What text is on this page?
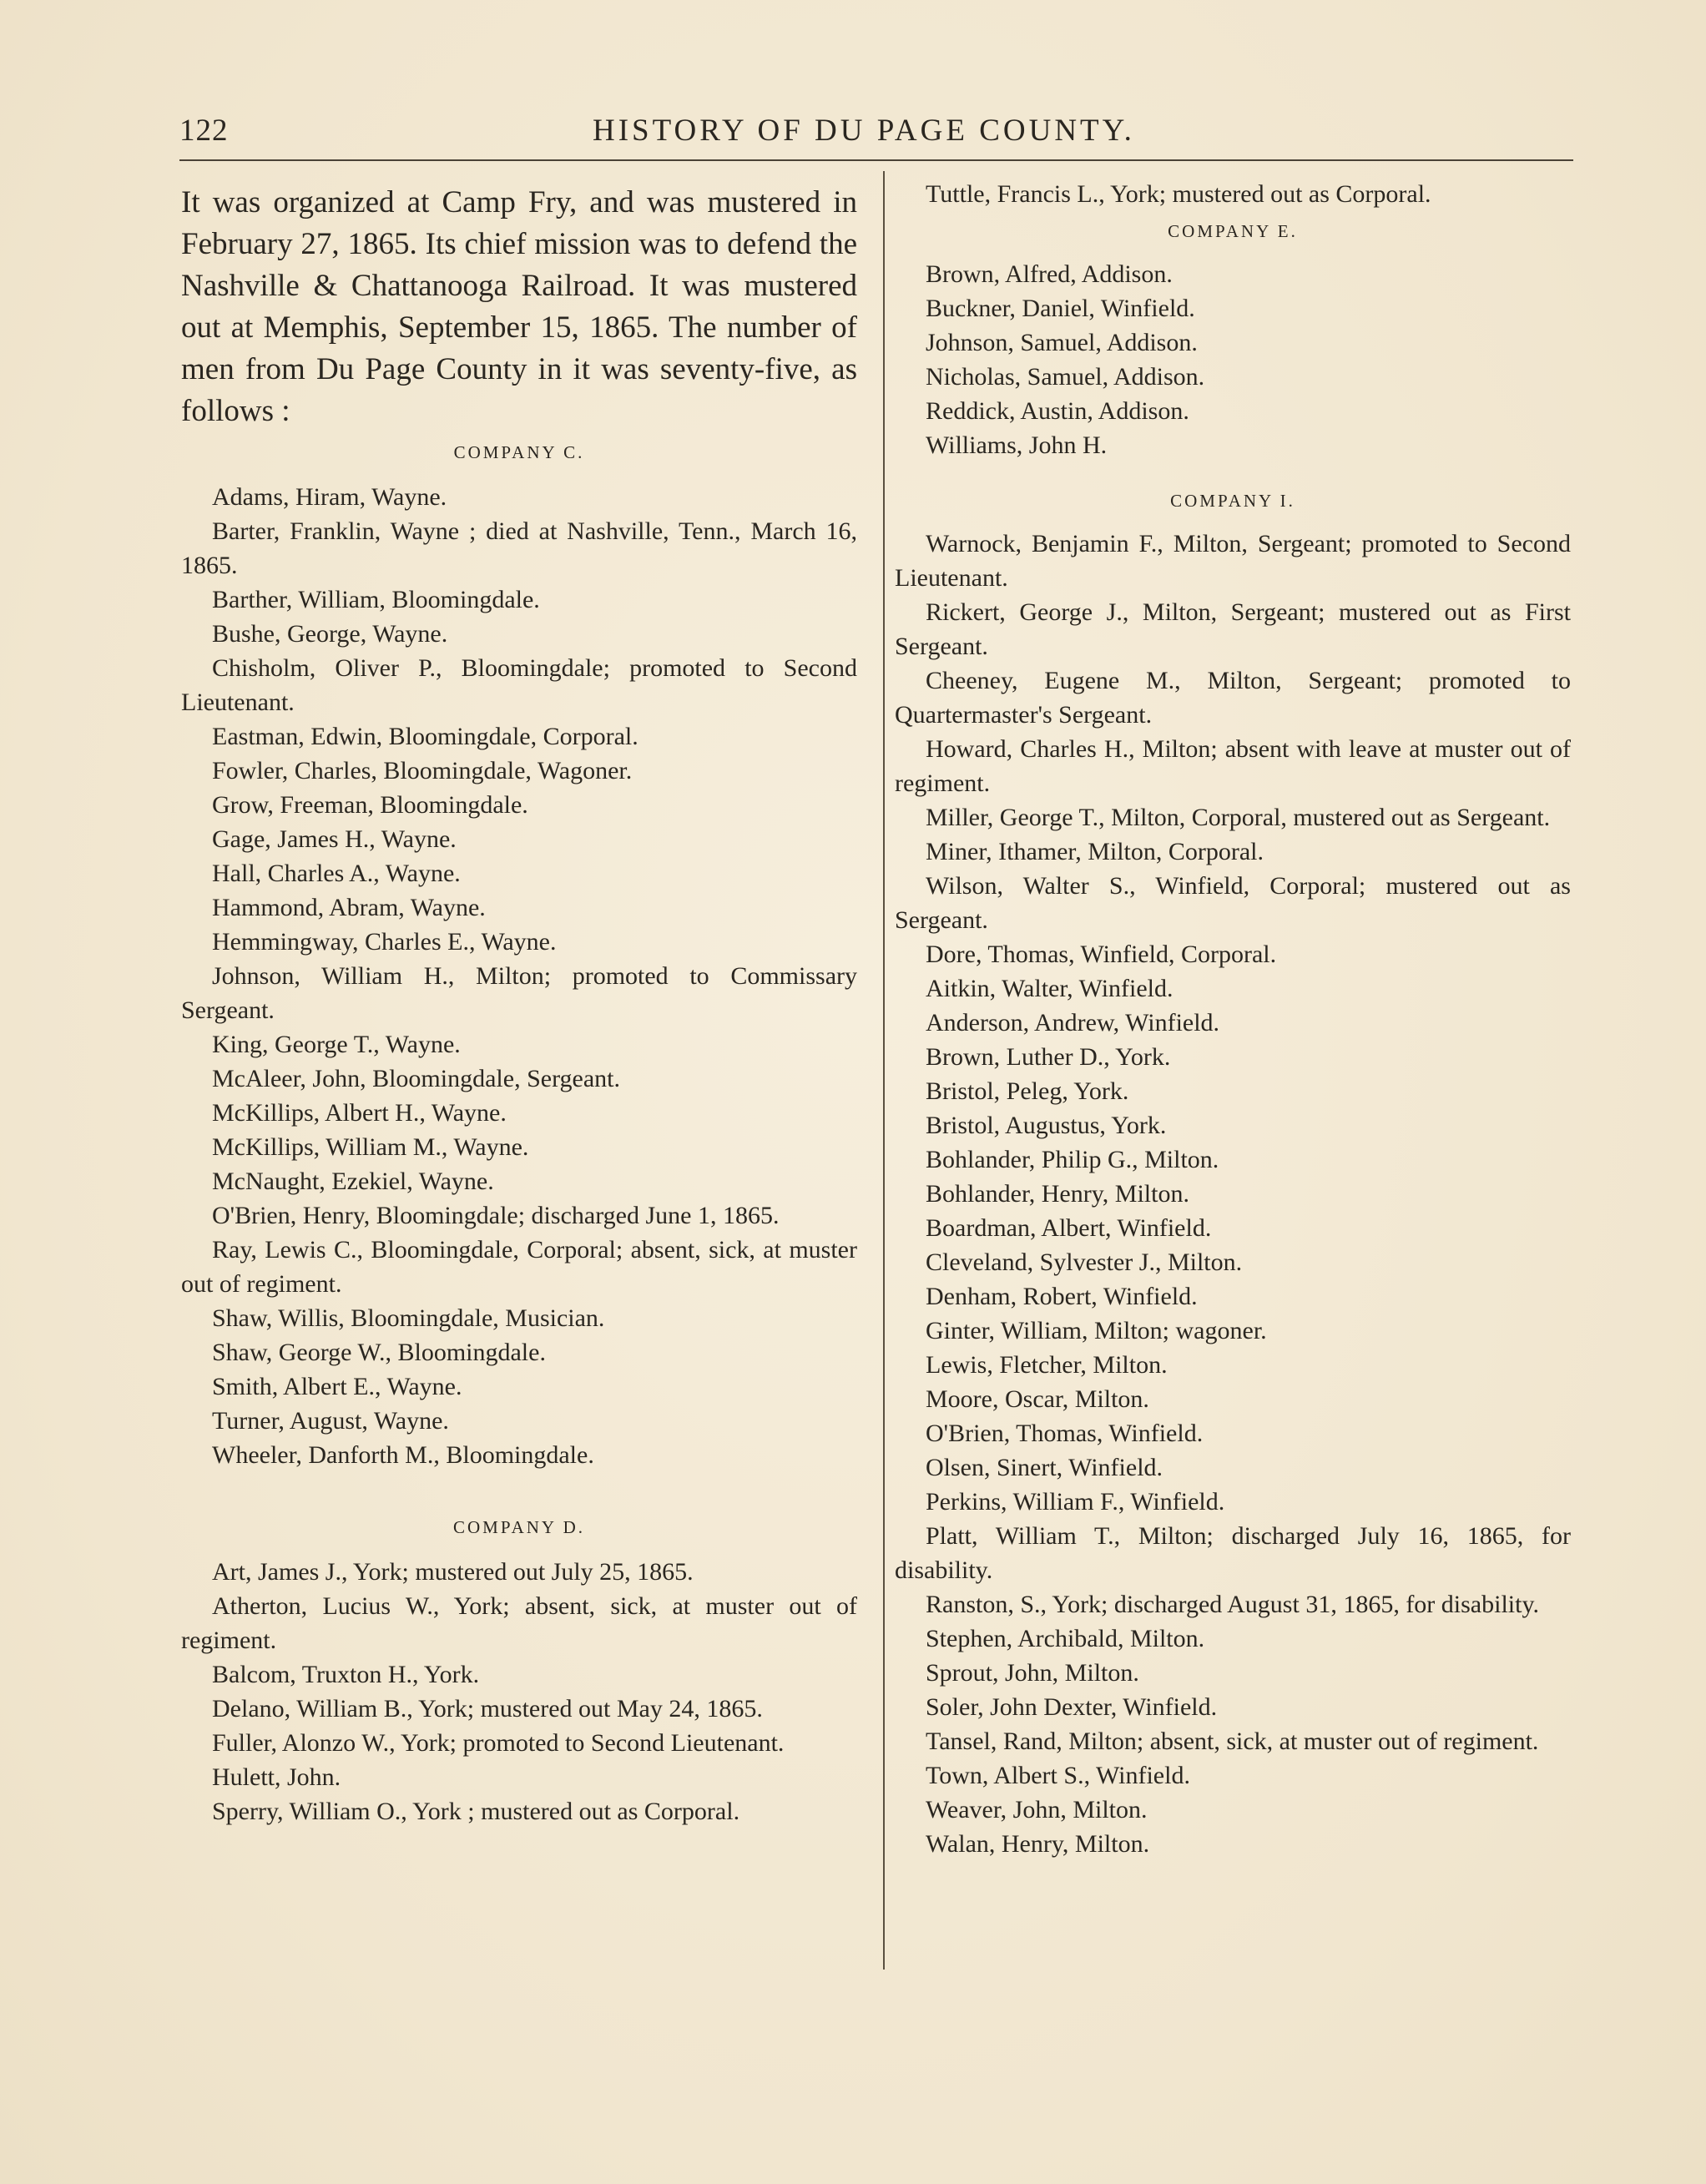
122	HISTORY OF DU PAGE COUNTY.

It was organized at Camp Fry, and was mustered in February 27, 1865. Its chief mission was to defend the Nashville & Chattanooga Railroad. It was mustered out at Memphis, September 15, 1865. The number of men from Du Page County in it was seventy-five, as follows :

COMPANY C.

Adams, Hiram, Wayne.

Barter, Franklin, Wayne ; died at Nashville, Tenn., March 16, 1865.

Barther, William, Bloomingdale.

Bushe, George, Wayne.

Chisholm, Oliver P., Bloomingdale; promoted to Second Lieutenant.

Eastman, Edwin, Bloomingdale, Corporal.

Fowler, Charles, Bloomingdale, Wagoner.

Grow, Freeman, Bloomingdale.

Gage, James H., Wayne.

Hall, Charles A., Wayne.

Hammond, Abram, Wayne.

Hemmingway, Charles E., Wayne.

Johnson, William H., Milton; promoted to Commissary Sergeant.

King, George T., Wayne.

McAleer, John, Bloomingdale, Sergeant.

McKillips, Albert H., Wayne.

McKillips, William M., Wayne.

McNaught, Ezekiel, Wayne.

O'Brien, Henry, Bloomingdale; discharged June 1, 1865.

Ray, Lewis C., Bloomingdale, Corporal; absent, sick, at muster out of regiment.

Shaw, Willis, Bloomingdale, Musician.

Shaw, George W., Bloomingdale.

Smith, Albert E., Wayne.

Turner, August, Wayne.

Wheeler, Danforth M., Bloomingdale.

COMPANY D.

Art, James J., York; mustered out July 25, 1865.

Atherton, Lucius W., York; absent, sick, at muster out of regiment.

Balcom, Truxton H., York.

Delano, William B., York; mustered out May 24, 1865.

Fuller, Alonzo W., York; promoted to Second Lieutenant.

Hulett, John.

Sperry, William O., York ; mustered out as Corporal.

Tuttle, Francis L., York; mustered out as Corporal.

COMPANY E.

Brown, Alfred, Addison.

Buckner, Daniel, Winfield.

Johnson, Samuel, Addison.

Nicholas, Samuel, Addison.

Reddick, Austin, Addison.

Williams, John H.

COMPANY I.

Warnock, Benjamin F., Milton, Sergeant; promoted to Second Lieutenant.

Rickert, George J., Milton, Sergeant; mustered out as First Sergeant.

Cheeney, Eugene M., Milton, Sergeant; promoted to Quartermaster's Sergeant.

Howard, Charles H., Milton; absent with leave at muster out of regiment.

Miller, George T., Milton, Corporal, mustered out as Sergeant.

Miner, Ithamer, Milton, Corporal.

Wilson, Walter S., Winfield, Corporal; mustered out as Sergeant.

Dore, Thomas, Winfield, Corporal.

Aitkin, Walter, Winfield.

Anderson, Andrew, Winfield.

Brown, Luther D., York.

Bristol, Peleg, York.

Bristol, Augustus, York.

Bohlander, Philip G., Milton.

Bohlander, Henry, Milton.

Boardman, Albert, Winfield.

Cleveland, Sylvester J., Milton.

Denham, Robert, Winfield.

Ginter, William, Milton; wagoner.

Lewis, Fletcher, Milton.

Moore, Oscar, Milton.

O'Brien, Thomas, Winfield.

Olsen, Sinert, Winfield.

Perkins, William F., Winfield.

Platt, William T., Milton; discharged July 16, 1865, for disability.

Ranston, S., York; discharged August 31, 1865, for disability.

Stephen, Archibald, Milton.

Sprout, John, Milton.

Soler, John Dexter, Winfield.

Tansel, Rand, Milton; absent, sick, at muster out of regiment.

Town, Albert S., Winfield.

Weaver, John, Milton.

Walan, Henry, Milton.
